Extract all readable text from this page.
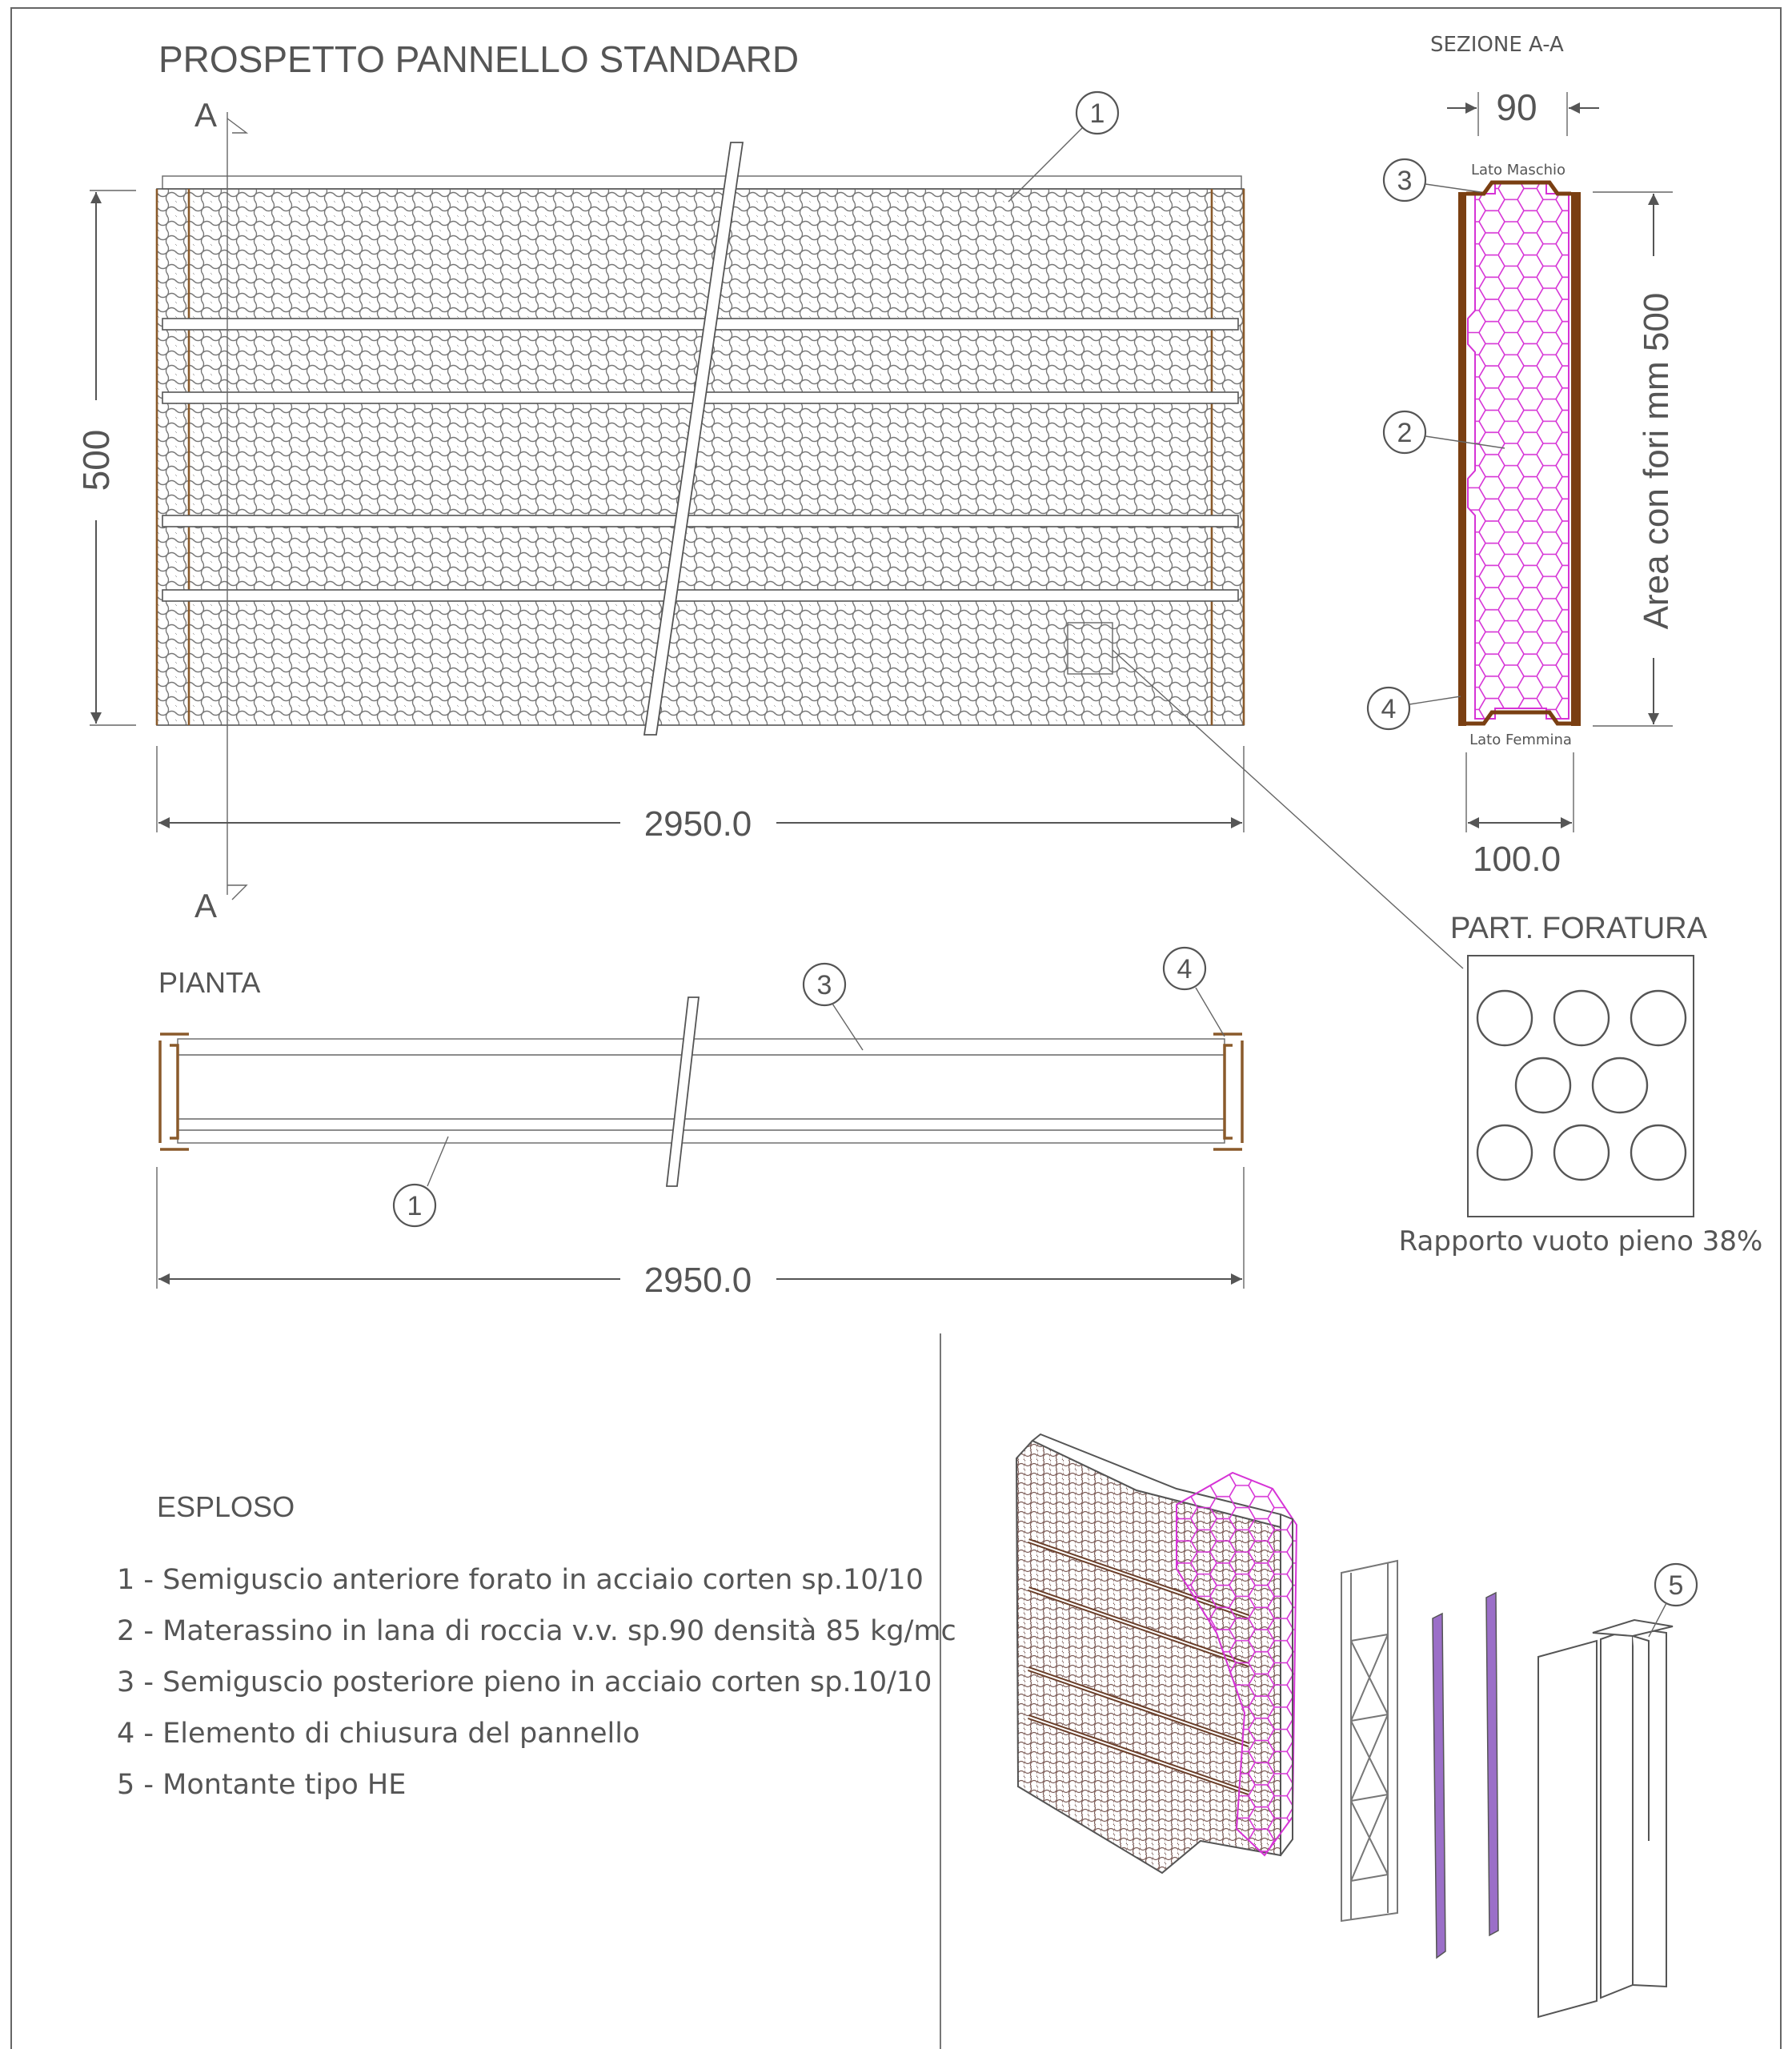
PROSPETTO PANNELLO STANDARD
A
A
500
2950.0
1
SEZIONE A-A
90
Lato Maschio
Area con fori mm 500
Lato Femmina
100.0
3
2
4
PART. FORATURA
Rapporto vuoto pieno 38%
PIANTA	3
4
1
2950.0
ESPLOSO
1 - Semiguscio anteriore forato in acciaio corten sp.10/10
2 - Materassino in lana di roccia v.v. sp.90 densità 85 kg/mc
3 - Semiguscio posteriore pieno in acciaio corten sp.10/10
4 - Elemento di chiusura del pannello
5 - Montante tipo HE
5
